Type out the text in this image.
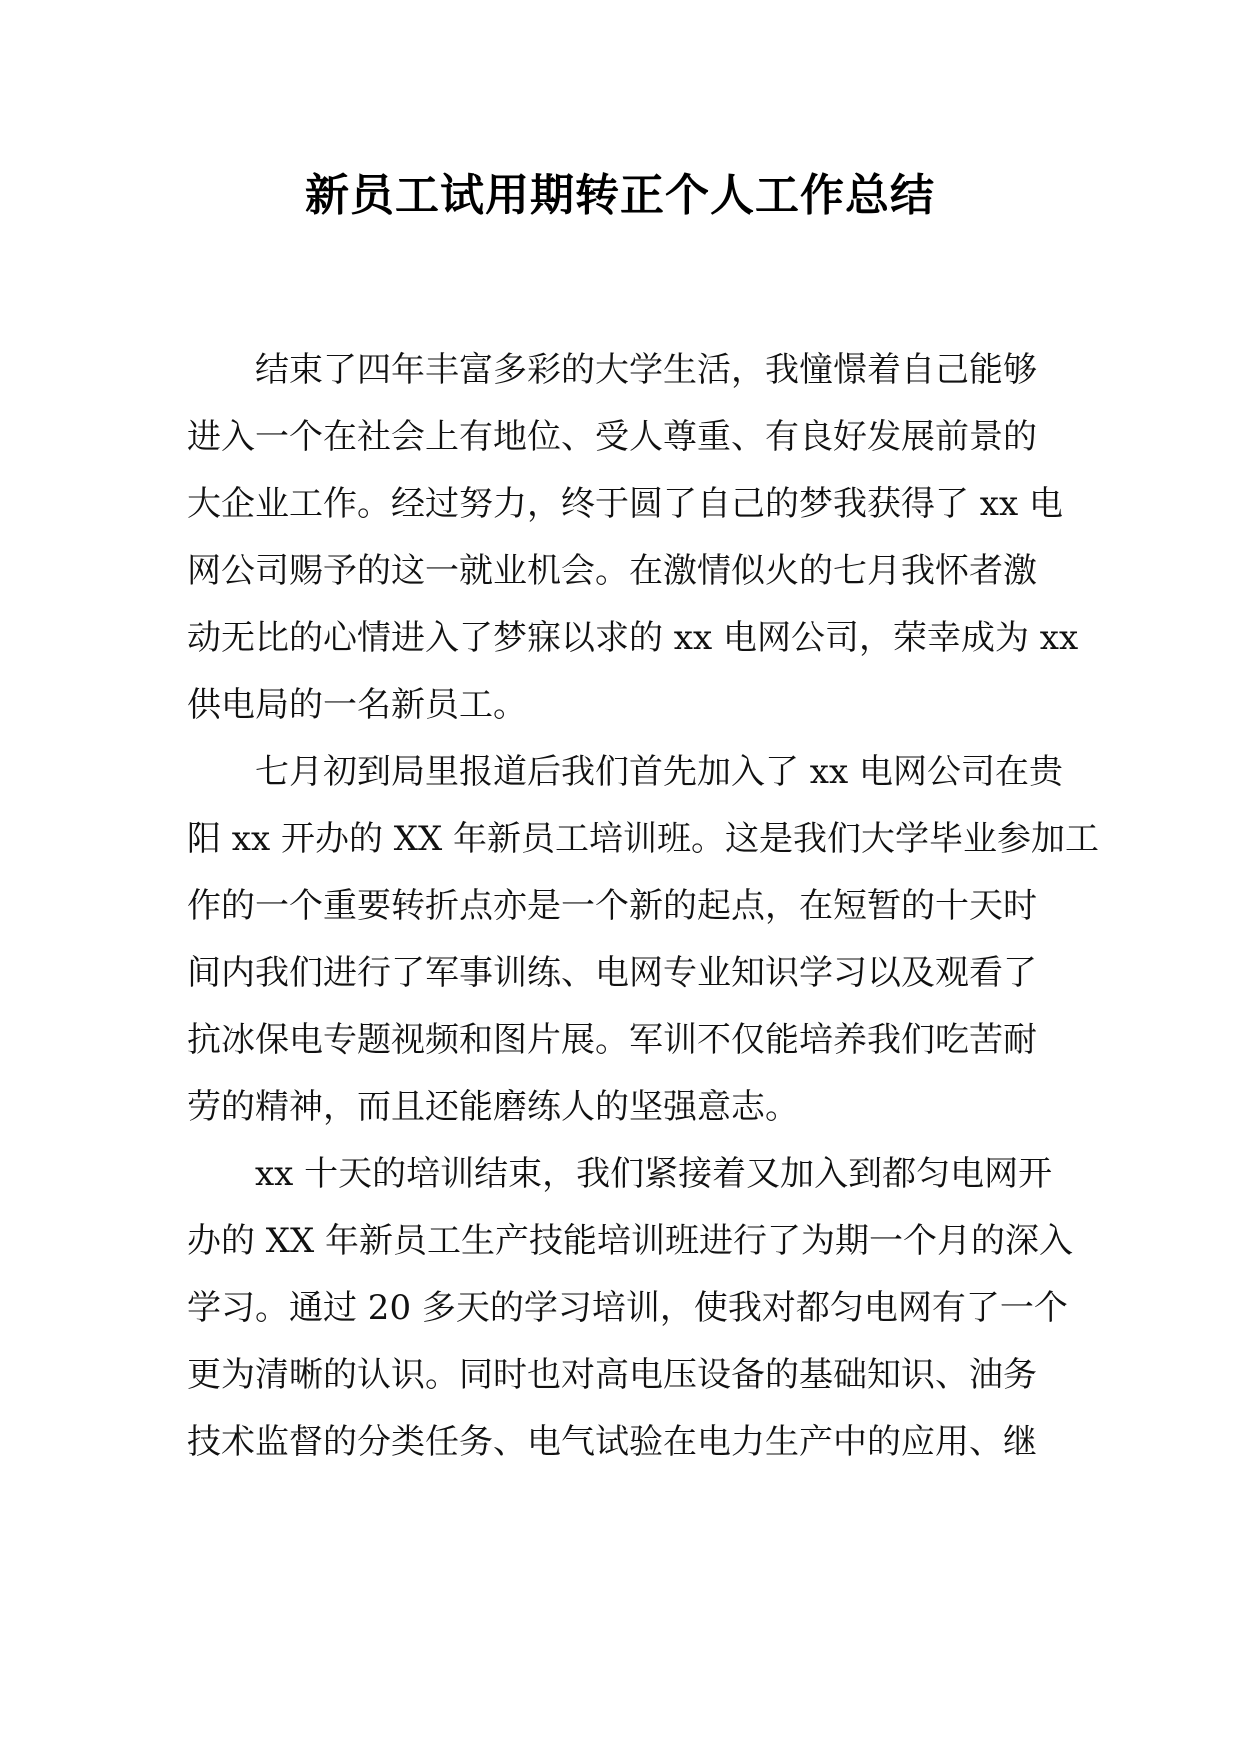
新员工试用期转正个人工作总结
结束了四年丰富多彩的大学生活，我憧憬着自己能够
进入一个在社会上有地位、受人尊重、有良好发展前景的
大企业工作。经过努力，终于圆了自己的梦我获得了 xx 电
网公司赐予的这一就业机会。在激情似火的七月我怀者激
动无比的心情进入了梦寐以求的 xx 电网公司，荣幸成为 xx
供电局的一名新员工。
七月初到局里报道后我们首先加入了 xx 电网公司在贵
阳 xx 开办的 XX 年新员工培训班。这是我们大学毕业参加工
作的一个重要转折点亦是一个新的起点，在短暂的十天时
间内我们进行了军事训练、电网专业知识学习以及观看了
抗冰保电专题视频和图片展。军训不仅能培养我们吃苦耐
劳的精神，而且还能磨练人的坚强意志。
xx 十天的培训结束，我们紧接着又加入到都匀电网开
办的 XX 年新员工生产技能培训班进行了为期一个月的深入
学习。通过 20 多天的学习培训，使我对都匀电网有了一个
更为清晰的认识。同时也对高电压设备的基础知识、油务
技术监督的分类任务、电气试验在电力生产中的应用、继
